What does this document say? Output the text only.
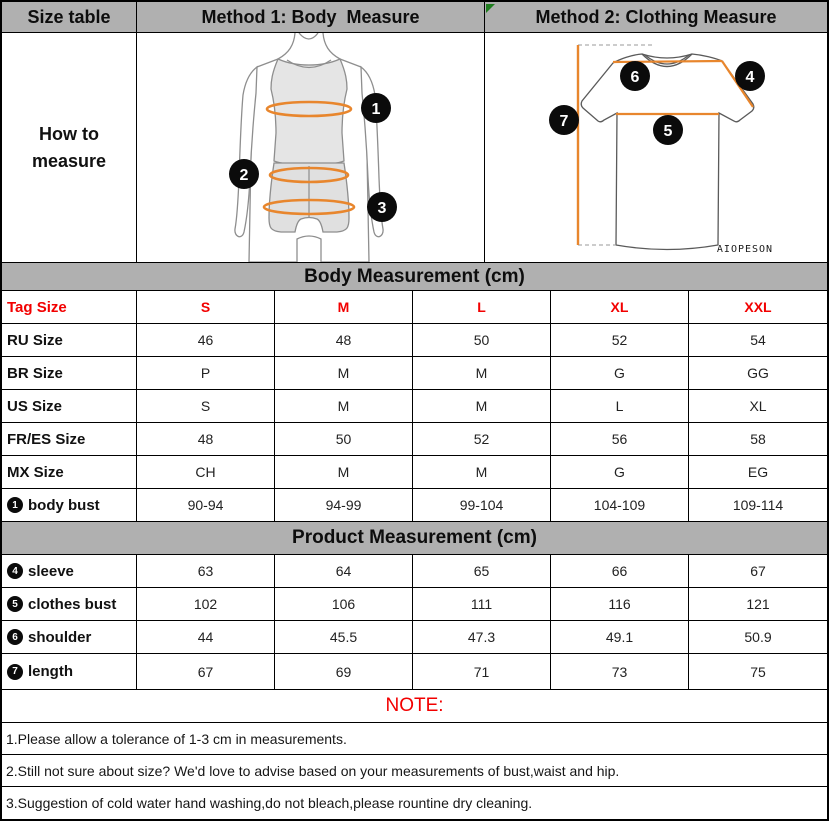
Size table	Method 1: Body  Measure	Method 2: Clothing Measure
How to
measure
1
2
3
6	4
5
7
AIOPESON
Body Measurement (cm)
Tag Size	S	M	L	XL	XXL
RU Size	46	48	50	52	54
BR Size	P	M	M	G	GG
US Size	S	M	M	L	XL
FR/ES Size	48	50	52	56	58
MX Size	CH	M	M	G	EG
1 body bust	90-94	94-99	99-104	104-109	109-114
Product Measurement (cm)
4 sleeve	63	64	65	66	67
5 clothes bust	102	106	111	116	121
6 shoulder	44	45.5	47.3	49.1	50.9
7 length	67	69	71	73	75
NOTE:
1.Please allow a tolerance of 1-3 cm in measurements.
2.Still not sure about size? We'd love to advise based on your measurements of bust,waist and hip.
3.Suggestion of cold water hand washing,do not bleach,please rountine dry cleaning.
